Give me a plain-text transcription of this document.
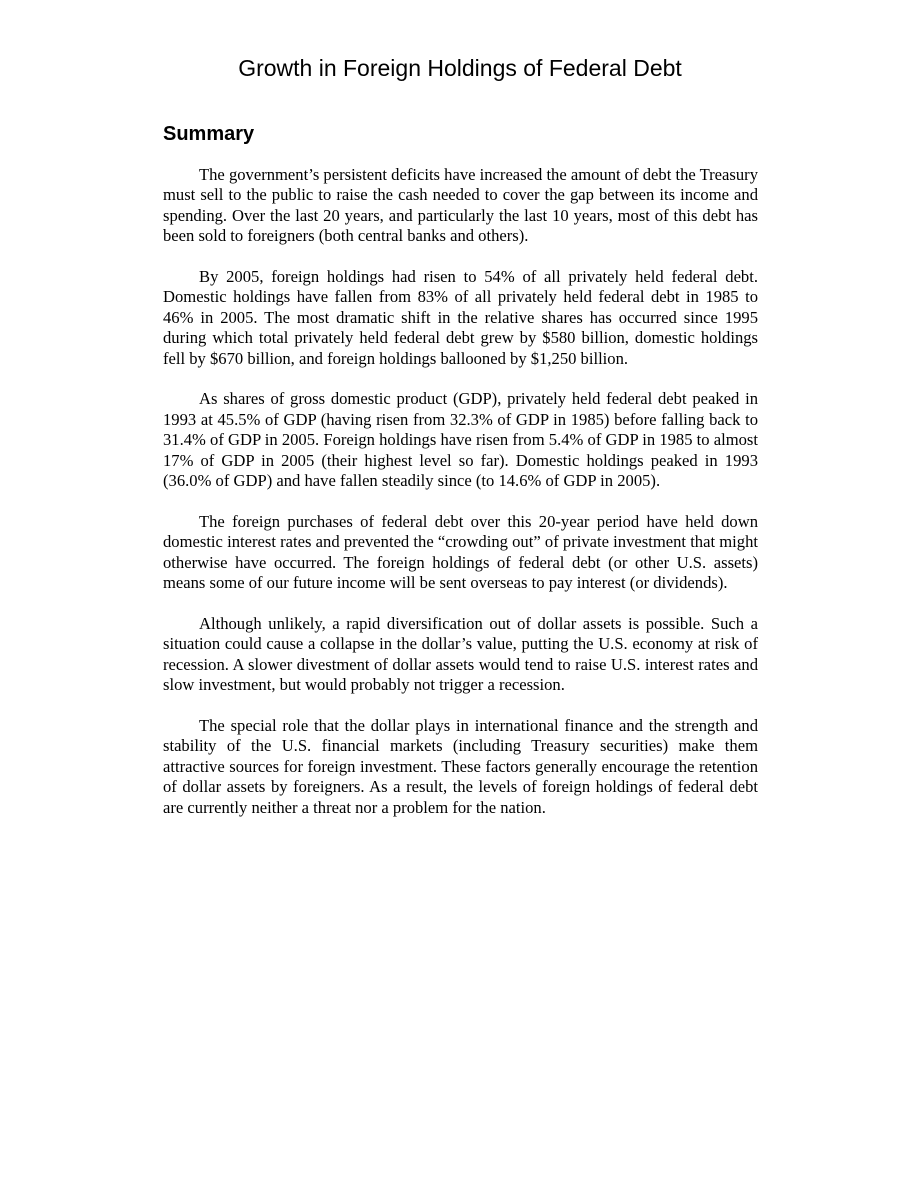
Growth in Foreign Holdings of Federal Debt
Summary

The government’s persistent deficits have increased the amount of debt the Treasury must sell to the public to raise the cash needed to cover the gap between its income and spending. Over the last 20 years, and particularly the last 10 years, most of this debt has been sold to foreigners (both central banks and others).

By 2005, foreign holdings had risen to 54% of all privately held federal debt. Domestic holdings have fallen from 83% of all privately held federal debt in 1985 to 46% in 2005. The most dramatic shift in the relative shares has occurred since 1995 during which total privately held federal debt grew by $580 billion, domestic holdings fell by $670 billion, and foreign holdings ballooned by $1,250 billion.

As shares of gross domestic product (GDP), privately held federal debt peaked in 1993 at 45.5% of GDP (having risen from 32.3% of GDP in 1985) before falling back to 31.4% of GDP in 2005. Foreign holdings have risen from 5.4% of GDP in 1985 to almost 17% of GDP in 2005 (their highest level so far). Domestic holdings peaked in 1993 (36.0% of GDP) and have fallen steadily since (to 14.6% of GDP in 2005).

The foreign purchases of federal debt over this 20-year period have held down domestic interest rates and prevented the “crowding out” of private investment that might otherwise have occurred. The foreign holdings of federal debt (or other U.S. assets) means some of our future income will be sent overseas to pay interest (or dividends).

Although unlikely, a rapid diversification out of dollar assets is possible. Such a situation could cause a collapse in the dollar’s value, putting the U.S. economy at risk of recession. A slower divestment of dollar assets would tend to raise U.S. interest rates and slow investment, but would probably not trigger a recession.

The special role that the dollar plays in international finance and the strength and stability of the U.S. financial markets (including Treasury securities) make them attractive sources for foreign investment. These factors generally encourage the retention of dollar assets by foreigners. As a result, the levels of foreign holdings of federal debt are currently neither a threat nor a problem for the nation.
